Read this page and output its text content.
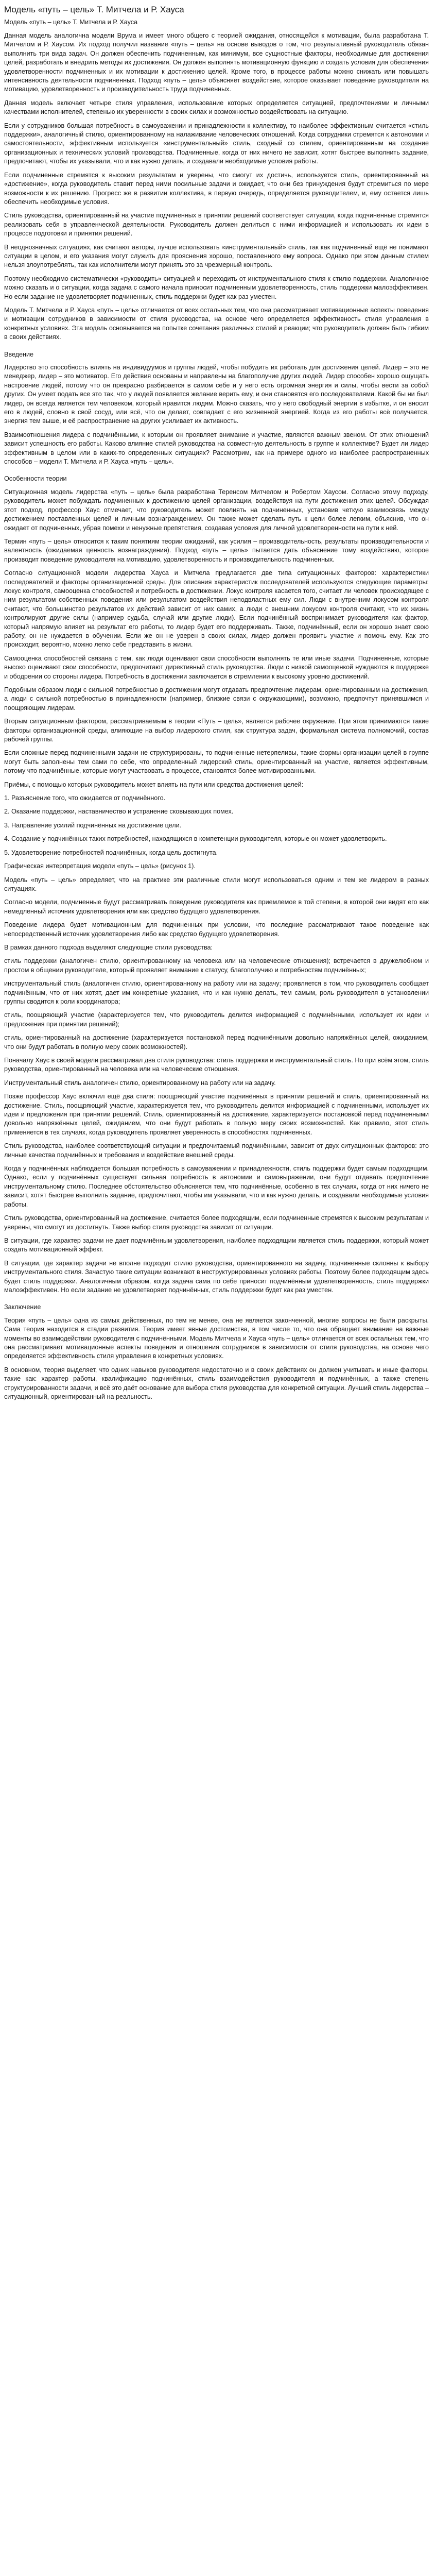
Модель «путь – цель» Т. Митчела и Р. Хауса
Модель «путь – цель» Т. Митчела и Р. Хауса

Данная модель аналогична модели Врума и имеет много общего с теорией ожидания, относящейся к мотивации, была разработана Т. Митчелом и Р. Хаусом. Их подход получил название «путь – цель» на основе выводов о том, что результативный руководитель обязан выполнить три вида задач. Он должен обеспечить подчиненным, как минимум, все сущностные факторы, необходимые для достижения целей, разработать и внедрить методы их достижения. Он должен выполнять мотивационную функцию и создать условия для обеспечения удовлетворенности подчиненных и их мотивации к достижению целей. Кроме того, в процессе работы можно снижать или повышать интенсивность деятельности подчиненных. Подход «путь – цель» объясняет воздействие, которое оказывает поведение руководителя на мотивацию, удовлетворенность и производительность труда подчиненных.

Данная модель включает четыре стиля управления, использование которых определяется ситуацией, предпочтениями и личными качествами исполнителей, степенью их уверенности в своих силах и возможностью воздействовать на ситуацию.

Если у сотрудников большая потребность в самоуважении и принадлежности к коллективу, то наиболее эффективным считается «стиль поддержки», аналогичный стилю, ориентированному на налаживание человеческих отношений. Когда сотрудники стремятся к автономии и самостоятельности, эффективным используется «инструментальный» стиль, сходный со стилем, ориентированным на создание организационных и технических условий производства. Подчиненные, когда от них ничего не зависит, хотят быстрее выполнить задание, предпочитают, чтобы их указывали, что и как нужно делать, и создавали необходимые условия работы.

Если подчиненные стремятся к высоким результатам и уверены, что смогут их достичь, используется стиль, ориентированный на «достижение», когда руководитель ставит перед ними посильные задачи и ожидает, что они без принуждения будут стремиться по мере возможности к их решению. Прогресс же в развитии коллектива, в первую очередь, определяется руководителем, и, ему остается лишь обеспечить необходимые условия.

Стиль руководства, ориентированный на участие подчиненных в принятии решений соответствует ситуации, когда подчиненные стремятся реализовать себя в управленческой деятельности. Руководитель должен делиться с ними информацией и использовать их идеи в процессе подготовки и принятия решений.

В неоднозначных ситуациях, как считают авторы, лучше использовать «инструментальный» стиль, так как подчиненный ещё не понимают ситуации в целом, и его указания могут служить для прояснения хорошо, поставленного ему вопроса. Однако при этом данным стилем нельзя злоупотреблять, так как исполнители могут принять это за чрезмерный контроль.

Поэтому необходимо систематически «руководить» ситуацией и переходить от инструментального стиля к стилю поддержки. Аналогичное можно сказать и о ситуации, когда задача с самого начала приносит подчиненным удовлетворенность, стиль поддержки малоэффективен. Но если задание не удовлетворяет подчиненных, стиль поддержки будет как раз уместен.

Модель Т. Митчела и Р. Хауса «путь – цель» отличается от всех остальных тем, что она рассматривает мотивационные аспекты поведения и мотивации сотрудников в зависимости от стиля руководства, на основе чего определяется эффективность стиля управления в конкретных условиях. Эта модель основывается на попытке сочетания различных стилей и реакции; что руководитель должен быть гибким в своих действиях.

Введение

Лидерство это способность влиять на индивидуумов и группы людей, чтобы побудить их работать для достижения целей. Лидер – это не менеджер, лидер – это мотиватор. Его действия основаны и направлены на благополучие других людей. Лидер способен хорошо ощущать настроение людей, потому что он прекрасно разбирается в самом себе и у него есть огромная энергия и силы, чтобы вести за собой других. Он умеет подать все это так, что у людей появляется желание верить ему, и они становятся его последователями. Какой бы ни был лидер, он всегда является тем человеком, который нравится людям. Можно сказать, что у него свободный энергии в избытке, и он вносит его в людей, словно в свой сосуд, или всё, что он делает, совпадает с его жизненной энергией. Когда из его работы всё получается, энергия тем выше, и её распространение на других усиливает их активность.

Взаимоотношения лидера с подчинёнными, к которым он проявляет внимание и участие, являются важным звеном. От этих отношений зависит успешность его работы. Каково влияние стилей руководства на совместную деятельность в группе и коллективе? Будет ли лидер эффективным в целом или в каких-то определенных ситуациях? Рассмотрим, как на примере одного из наиболее распространенных способов – модели Т. Митчела и Р. Хауса «путь – цель».

Особенности теории

Ситуационная модель лидерства «путь – цель» была разработана Теренсом Митчелом и Робертом Хаусом. Согласно этому подходу, руководитель может побуждать подчиненных к достижению целей организации, воздействуя на пути достижения этих целей. Обсуждая этот подход, профессор Хаус отмечает, что руководитель может повлиять на подчиненных, установив четкую взаимосвязь между достижением поставленных целей и личным вознаграждением. Он также может сделать путь к цели более легким, объяснив, что он ожидает от подчиненных, убрав помехи и ненужные препятствия, создавая условия для личной удовлетворенности на пути к ней.

Термин «путь – цель» относится к таким понятиям теории ожиданий, как усилия – производительность, результаты производительности и валентность (ожидаемая ценность вознаграждения). Подход «путь – цель» пытается дать объяснение тому воздействию, которое производит поведение руководителя на мотивацию, удовлетворенность и производительность подчиненных.

Согласно ситуационной модели лидерства Хауса и Митчела предлагается две типа ситуационных факторов: характеристики последователей и факторы организационной среды. Для описания характеристик последователей используются следующие параметры: локус контроля, самооценка способностей и потребность в достижении. Локус контроля касается того, считает ли человек происходящее с ним результатом собственных поведения или результатом воздействия неподвластных ему сил. Люди с внутренним локусом контроля считают, что большинство результатов их действий зависит от них самих, а люди с внешним локусом контроля считают, что их жизнь контролируют другие силы (например судьба, случай или другие люди). Если подчинённый воспринимает руководителя как фактор, который напрямую влияет на результат его работы, то лидер будет его поддерживать. Также, подчинённый, если он хорошо знает свою работу, он не нуждается в обучении. Если же он не уверен в своих силах, лидер должен проявить участие и помочь ему. Как это происходит, вероятно, можно легко себе представить в жизни.

Самооценка способностей связана с тем, как люди оценивают свои способности выполнять те или иные задачи. Подчиненные, которые высоко оценивают свои способности, предпочитают директивный стиль руководства. Люди с низкой самооценкой нуждаются в поддержке и ободрении со стороны лидера. Потребность в достижении заключается в стремлении к высокому уровню достижений.

Подобным образом люди с сильной потребностью в достижении могут отдавать предпочтение лидерам, ориентированным на достижения, а люди с сильной потребностью в принадлежности (например, близкие связи с окружающими), возможно, предпочтут принявшимся и поощряющим лидерам.

Вторым ситуационным фактором, рассматриваемым в теории «Путь – цель», является рабочее окружение. При этом принимаются такие факторы организационной среды, влияющие на выбор лидерского стиля, как структура задач, формальная система полномочий, состав рабочей группы.

Если сложные перед подчиненными задачи не структурированы, то подчиненные нетерпеливы, такие формы организации целей в группе могут быть заполнены тем сами по себе, что определенный лидерский стиль, ориентированный на участие, является эффективным, потому что подчинённые, которые могут участвовать в процессе, становятся более мотивированными.

Приёмы, с помощью которых руководитель может влиять на пути или средства достижения целей:

1. Разъяснение того, что ожидается от подчинённого.

2. Оказание поддержки, наставничество и устранение сковывающих помех.

3. Направление усилий подчинённых на достижение цели.

4. Создание у подчинённых таких потребностей, находящихся в компетенции руководителя, которые он может удовлетворить.

5. Удовлетворение потребностей подчинённых, когда цель достигнута.

Графическая интерпретация модели «путь – цель» (рисунок 1).

Модель «путь – цель» определяет, что на практике эти различные стили могут использоваться одним и тем же лидером в разных ситуациях.

Согласно модели, подчиненные будут рассматривать поведение руководителя как приемлемое в той степени, в которой они видят его как немедленный источник удовлетворения или как средство будущего удовлетворения.

Поведение лидера будет мотивационным для подчиненных при условии, что последние рассматривают такое поведение как непосредственный источник удовлетворения либо как средство будущего удовлетворения.

В рамках данного подхода выделяют следующие стили руководства:

стиль поддержки (аналогичен стилю, ориентированному на человека или на человеческие отношения); встречается в дружелюбном и простом в общении руководителе, который проявляет внимание к статусу, благополучию и потребностям подчинённых;

инструментальный стиль (аналогичен стилю, ориентированному на работу или на задачу; проявляется в том, что руководитель сообщает подчинённым, что от них хотят, дает им конкретные указания, что и как нужно делать, тем самым, роль руководителя в установлении группы сводится к роли координатора;

стиль, поощряющий участие (характеризуется тем, что руководитель делится информацией с подчинёнными, использует их идеи и предложения при принятии решений);

стиль, ориентированный на достижение (характеризуется постановкой перед подчинёнными довольно напряжённых целей, ожиданием, что они будут работать в полную меру своих возможностей).

Поначалу Хаус в своей модели рассматривал два стиля руководства: стиль поддержки и инструментальный стиль. Но при всём этом, стиль руководства, ориентированный на человека или на человеческие отношения.

Инструментальный стиль аналогичен стилю, ориентированному на работу или на задачу.

Позже профессор Хаус включил ещё два стиля: поощряющий участие подчинённых в принятии решений и стиль, ориентированный на достижение. Стиль, поощряющий участие, характеризуется тем, что руководитель делится информацией с подчиненными, использует их идеи и предложения при принятии решений. Стиль, ориентированный на достижение, характеризуется постановкой перед подчиненными довольно напряжённых целей, ожиданием, что они будут работать в полную меру своих возможностей. Как правило, этот стиль применяется в тех случаях, когда руководитель проявляет уверенность в способностях подчиненных.

Стиль руководства, наиболее соответствующий ситуации и предпочитаемый подчинёнными, зависит от двух ситуационных факторов: это личные качества подчинённых и требования и воздействие внешней среды.

Когда у подчинённых наблюдается большая потребность в самоуважении и принадлежности, стиль поддержки будет самым подходящим. Однако, если у подчинённых существует сильная потребность в автономии и самовыражении, они будут отдавать предпочтение инструментальному стилю. Последнее обстоятельство объясняется тем, что подчинённые, особенно в тех случаях, когда от них ничего не зависит, хотят быстрее выполнить задание, предпочитают, чтобы им указывали, что и как нужно делать, и создавали необходимые условия работы.

Стиль руководства, ориентированный на достижение, считается более подходящим, если подчиненные стремятся к высоким результатам и уверены, что смогут их достигнуть. Также выбор стиля руководства зависит от ситуации.

В ситуации, где характер задачи не дает подчинённым удовлетворения, наиболее подходящим является стиль поддержки, который может создать мотивационный эффект.

В ситуации, где характер задачи не вполне подходит стилю руководства, ориентированного на задачу, подчиненные склонны к выбору инструментального стиля. Зачастую такие ситуации возникают в неструктурированных условиях работы. Поэтому более подходящим здесь будет стиль поддержки. Аналогичным образом, когда задача сама по себе приносит подчинённым удовлетворенность, стиль поддержки малоэффективен. Но если задание не удовлетворяет подчинённых, стиль поддержки будет как раз уместен.

Заключение

Теория «путь – цель» одна из самых действенных, по тем не менее, она не является законченной, многие вопросы не были раскрыты. Сама теория находится в стадии развития. Теория имеет явные достоинства, в том числе то, что она обращает внимание на важные моменты во взаимодействии руководителя с подчинёнными. Модель Митчела и Хауса «путь – цель» отличается от всех остальных тем, что она рассматривает мотивационные аспекты поведения и отношения сотрудников в зависимости от стиля руководства, на основе чего определяется эффективность стиля управления в конкретных условиях.

В основном, теория выделяет, что одних навыков руководителя недостаточно и в своих действиях он должен учитывать и иные факторы, такие как: характер работы, квалификацию подчинённых, стиль взаимодействия руководителя и подчинённых, а также степень структурированности задачи, и всё это даёт основание для выбора стиля руководства для конкретной ситуации. Лучший стиль лидерства – ситуационный, ориентированный на реальность.
